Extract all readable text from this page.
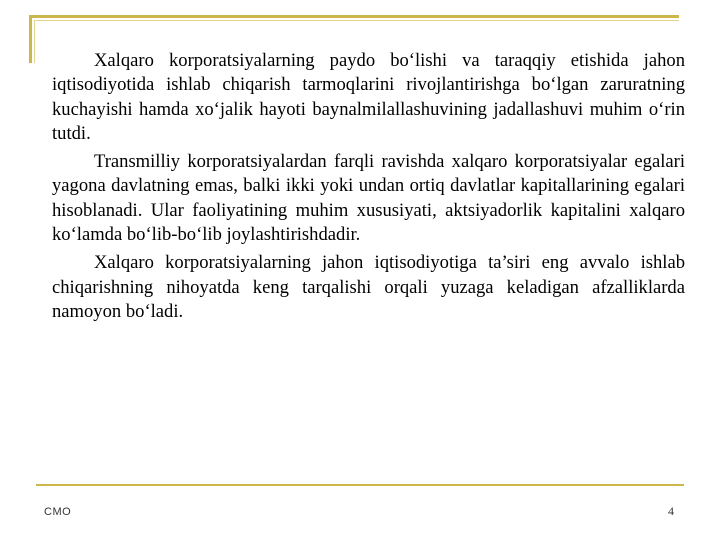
Xalqaro korporatsiyalarning paydo bo‘lishi va taraqqiy etishida jahon iqtisodiyotida ishlab chiqarish tarmoqlarini rivojlantirishga bo‘lgan zaruratning kuchayishi hamda xo‘jalik hayoti baynalmilallashuvining jadallashuvi muhim o‘rin tutdi.

Transmilliy korporatsiyalardan farqli ravishda xalqaro korporatsiyalar egalari yagona davlatning emas, balki ikki yoki undan ortiq davlatlar kapitallarining egalari hisoblanadi. Ular faoliyatining muhim xususiyati, aktsiyadorlik kapitalini xalqaro ko‘lamda bo‘lib-bo‘lib joylashtirishdadir.

Xalqaro korporatsiyalarning jahon iqtisodiyotiga ta’siri eng avvalo ishlab chiqarishning nihoyatda keng tarqalishi orqali yuzaga keladigan afzalliklarda namoyon bo‘ladi.

CMO	4
